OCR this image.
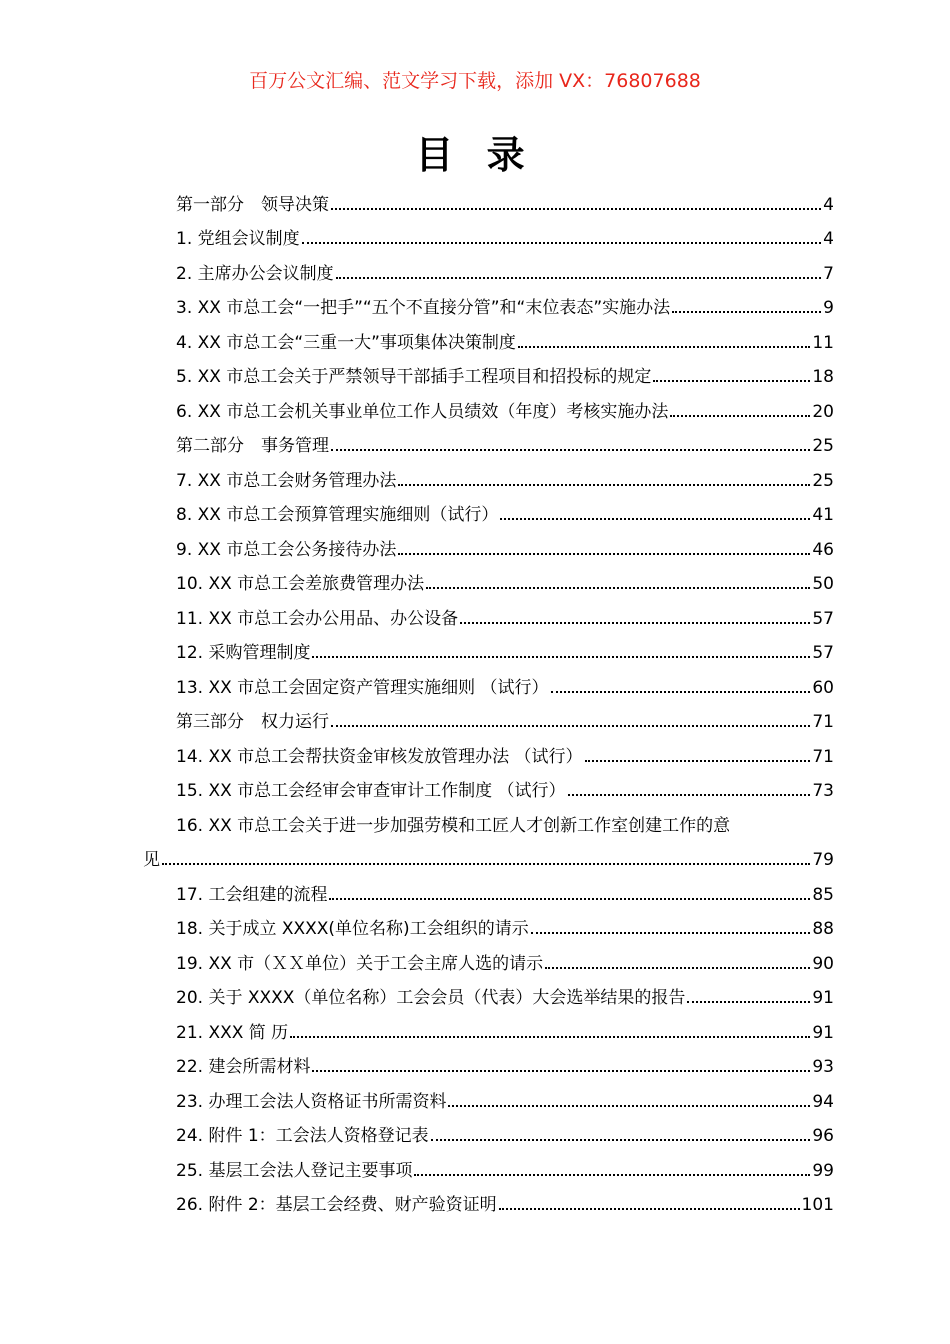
百万公文汇编、范文学习下载，添加 VX：76807688
目 录
第一部分　领导决策	4
1. 党组会议制度	4
2. 主席办公会议制度	7
3. XX 市总工会“一把手”“五个不直接分管”和“末位表态”实施办法	9
4. XX 市总工会“三重一大”事项集体决策制度	11
5. XX 市总工会关于严禁领导干部插手工程项目和招投标的规定	18
6. XX 市总工会机关事业单位工作人员绩效（年度）考核实施办法	20
第二部分　事务管理	25
7. XX 市总工会财务管理办法	25
8. XX 市总工会预算管理实施细则（试行）	41
9. XX 市总工会公务接待办法	46
10. XX 市总工会差旅费管理办法	50
11. XX 市总工会办公用品、办公设备	57
12. 采购管理制度	57
13. XX 市总工会固定资产管理实施细则 （试行）	60
第三部分　权力运行	71
14. XX 市总工会帮扶资金审核发放管理办法 （试行）	71
15. XX 市总工会经审会审查审计工作制度 （试行）	73
16. XX 市总工会关于进一步加强劳模和工匠人才创新工作室创建工作的意
见	79
17. 工会组建的流程	85
18. 关于成立 XXXX(单位名称)工会组织的请示	88
19. XX 市（ＸＸ单位）关于工会主席人选的请示	90
20. 关于 XXXX（单位名称）工会会员（代表）大会选举结果的报告	91
21. XXX 简 历	91
22. 建会所需材料	93
23. 办理工会法人资格证书所需资料	94
24. 附件 1：工会法人资格登记表	96
25. 基层工会法人登记主要事项	99
26. 附件 2：基层工会经费、财产验资证明	101
